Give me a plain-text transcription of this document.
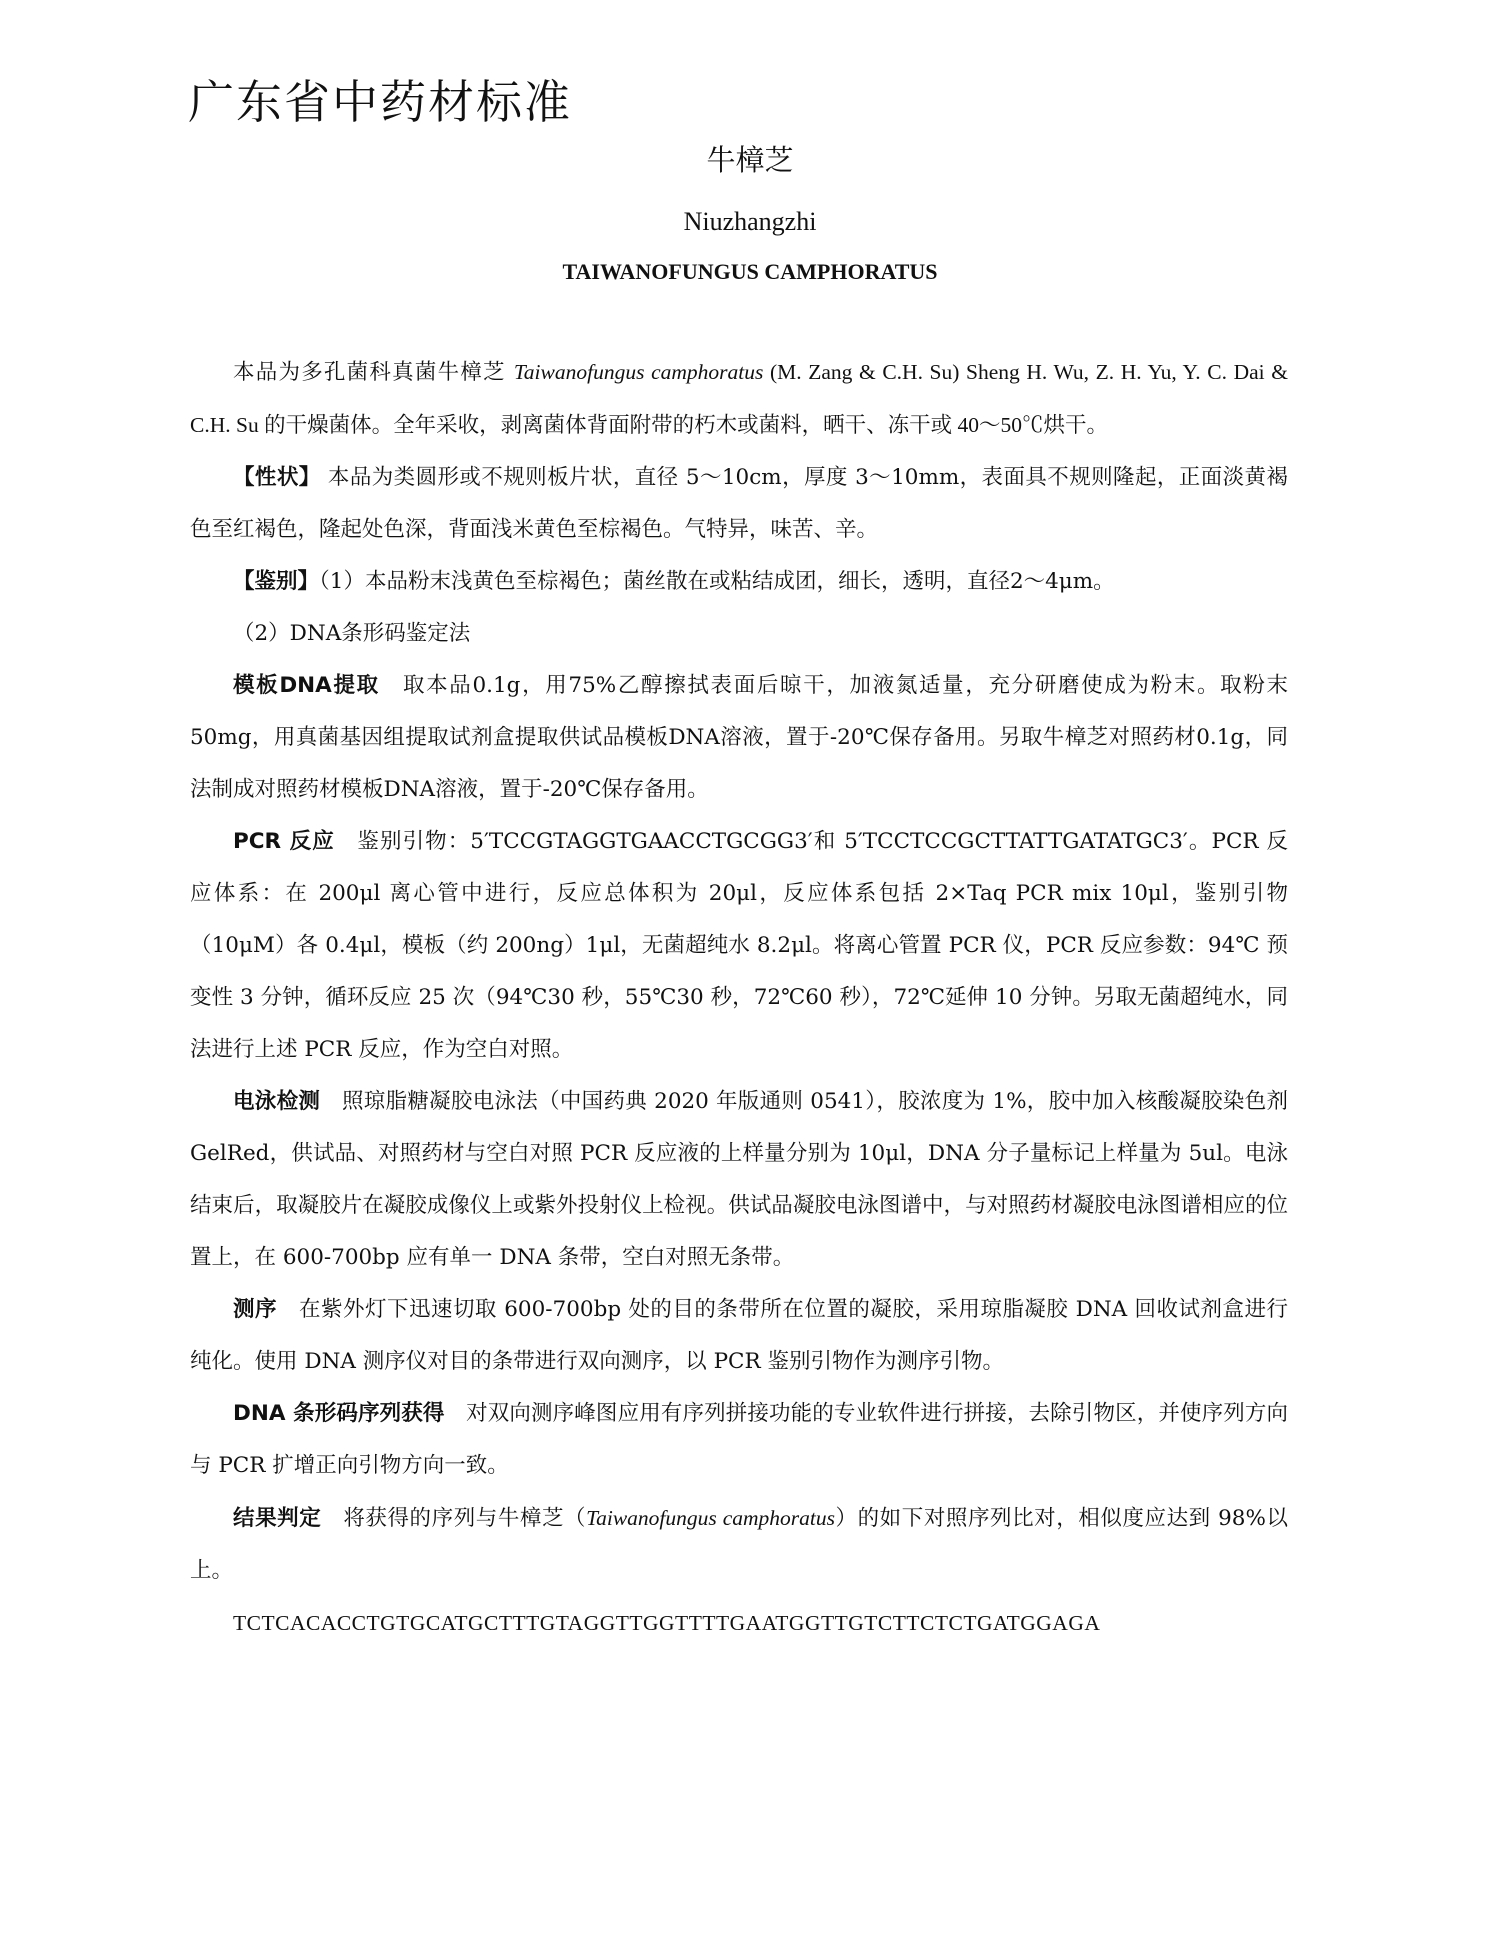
广东省中药材标准
牛樟芝
Niuzhangzhi
TAIWANOFUNGUS CAMPHORATUS

本品为多孔菌科真菌牛樟芝 Taiwanofungus camphoratus (M. Zang & C.H. Su) Sheng H. Wu, Z. H. Yu, Y. C. Dai & C.H. Su 的干燥菌体。全年采收，剥离菌体背面附带的朽木或菌料，晒干、冻干或 40～50℃烘干。

【性状】 本品为类圆形或不规则板片状，直径 5～10cm，厚度 3～10mm，表面具不规则隆起，正面淡黄褐色至红褐色，隆起处色深，背面浅米黄色至棕褐色。气特异，味苦、辛。

【鉴别】（1）本品粉末浅黄色至棕褐色；菌丝散在或粘结成团，细长，透明，直径2～4μm。

（2）DNA条形码鉴定法

模板DNA提取　取本品0.1g，用75%乙醇擦拭表面后晾干，加液氮适量，充分研磨使成为粉末。取粉末50mg，用真菌基因组提取试剂盒提取供试品模板DNA溶液，置于-20℃保存备用。另取牛樟芝对照药材0.1g，同法制成对照药材模板DNA溶液，置于-20℃保存备用。

PCR 反应　鉴别引物：5′TCCGTAGGTGAACCTGCGG3′和 5′TCCTCCGCTTATTGATATGC3′。PCR 反应体系：在 200μl 离心管中进行，反应总体积为 20μl，反应体系包括 2×Taq PCR mix 10μl，鉴别引物（10μM）各 0.4μl，模板（约 200ng）1μl，无菌超纯水 8.2μl。将离心管置 PCR 仪，PCR 反应参数：94℃ 预变性 3 分钟，循环反应 25 次（94℃30 秒，55℃30 秒，72℃60 秒），72℃延伸 10 分钟。另取无菌超纯水，同法进行上述 PCR 反应，作为空白对照。

电泳检测　照琼脂糖凝胶电泳法（中国药典 2020 年版通则 0541），胶浓度为 1%，胶中加入核酸凝胶染色剂 GelRed，供试品、对照药材与空白对照 PCR 反应液的上样量分别为 10μl，DNA 分子量标记上样量为 5ul。电泳结束后，取凝胶片在凝胶成像仪上或紫外投射仪上检视。供试品凝胶电泳图谱中，与对照药材凝胶电泳图谱相应的位置上，在 600-700bp 应有单一 DNA 条带，空白对照无条带。

测序　在紫外灯下迅速切取 600-700bp 处的目的条带所在位置的凝胶，采用琼脂凝胶 DNA 回收试剂盒进行纯化。使用 DNA 测序仪对目的条带进行双向测序，以 PCR 鉴别引物作为测序引物。

DNA 条形码序列获得　对双向测序峰图应用有序列拼接功能的专业软件进行拼接，去除引物区，并使序列方向与 PCR 扩增正向引物方向一致。

结果判定　将获得的序列与牛樟芝（Taiwanofungus camphoratus）的如下对照序列比对，相似度应达到 98%以上。

TCTCACACCTGTGCATGCTTTGTAGGTTGGTTTTGAATGGTTGTCTTCTCTGATGGAGA
